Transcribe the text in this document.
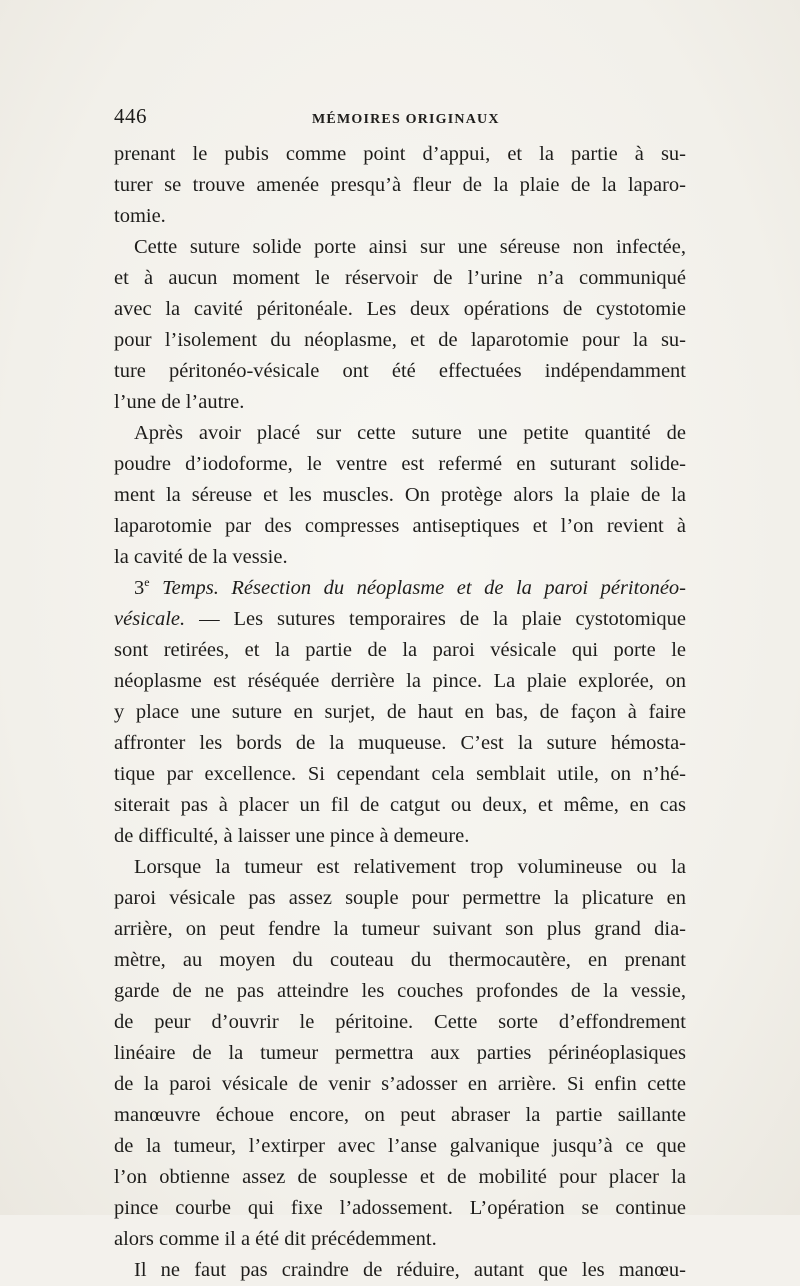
446	MÉMOIRES ORIGINAUX
prenant le pubis comme point d’appui, et la partie à su-
turer se trouve amenée presqu’à fleur de la plaie de la laparo-
tomie.
Cette suture solide porte ainsi sur une séreuse non infectée,
et à aucun moment le réservoir de l’urine n’a communiqué
avec la cavité péritonéale. Les deux opérations de cystotomie
pour l’isolement du néoplasme, et de laparotomie pour la su-
ture péritonéo-vésicale ont été effectuées indépendamment
l’une de l’autre.
Après avoir placé sur cette suture une petite quantité de
poudre d’iodoforme, le ventre est refermé en suturant solide-
ment la séreuse et les muscles. On protège alors la plaie de la
laparotomie par des compresses antiseptiques et l’on revient à
la cavité de la vessie.
3e Temps. Résection du néoplasme et de la paroi péritonéo-
vésicale. — Les sutures temporaires de la plaie cystotomique
sont retirées, et la partie de la paroi vésicale qui porte le
néoplasme est réséquée derrière la pince. La plaie explorée, on
y place une suture en surjet, de haut en bas, de façon à faire
affronter les bords de la muqueuse. C’est la suture hémosta-
tique par excellence. Si cependant cela semblait utile, on n’hé-
siterait pas à placer un fil de catgut ou deux, et même, en cas
de difficulté, à laisser une pince à demeure.
Lorsque la tumeur est relativement trop volumineuse ou la
paroi vésicale pas assez souple pour permettre la plicature en
arrière, on peut fendre la tumeur suivant son plus grand dia-
mètre, au moyen du couteau du thermocautère, en prenant
garde de ne pas atteindre les couches profondes de la vessie,
de peur d’ouvrir le péritoine. Cette sorte d’effondrement
linéaire de la tumeur permettra aux parties périnéoplasiques
de la paroi vésicale de venir s’adosser en arrière. Si enfin cette
manœuvre échoue encore, on peut abraser la partie saillante
de la tumeur, l’extirper avec l’anse galvanique jusqu’à ce que
l’on obtienne assez de souplesse et de mobilité pour placer la
pince courbe qui fixe l’adossement. L’opération se continue
alors comme il a été dit précédemment.
Il ne faut pas craindre de réduire, autant que les manœu-
